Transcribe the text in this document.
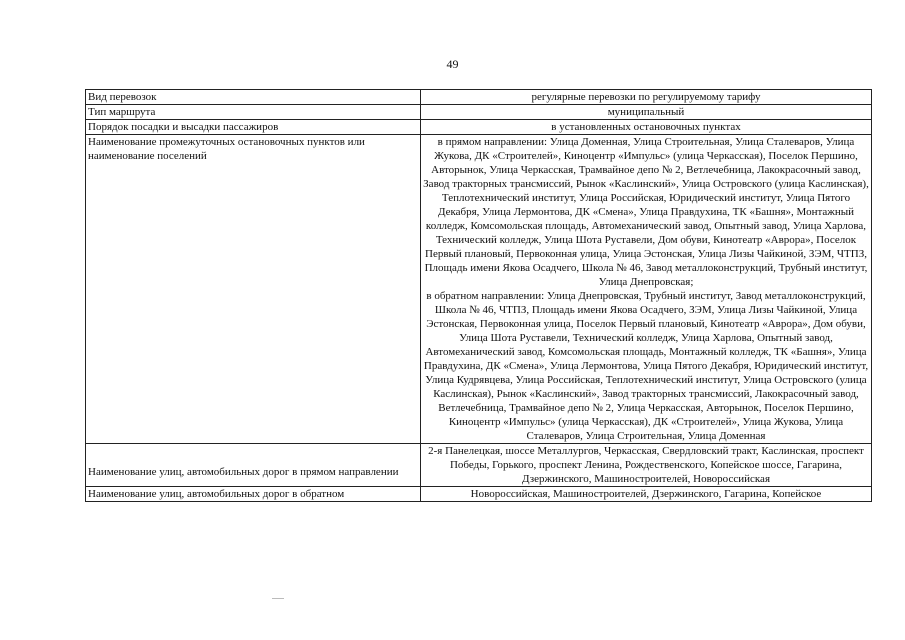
49
Вид перевозок	регулярные перевозки по регулируемому тарифу
Тип маршрута	муниципальный
Порядок посадки и высадки пассажиров	в установленных остановочных пунктах
Наименование промежуточных остановочных пунктов или наименование поселений	в прямом направлении: Улица Доменная, Улица Строительная, Улица Сталеваров, Улица Жукова, ДК «Строителей», Киноцентр «Импульс» (улица Черкасская), Поселок Першино, Авторынок, Улица Черкасская, Трамвайное депо № 2, Ветлечебница, Лакокрасочный завод, Завод тракторных трансмиссий, Рынок «Каслинский», Улица Островского (улица Каслинская), Теплотехнический институт, Улица Российская, Юридический институт, Улица Пятого Декабря, Улица Лермонтова, ДК «Смена», Улица Правдухина, ТК «Башня», Монтажный колледж, Комсомольская площадь, Автомеханический завод, Опытный завод, Улица Харлова, Технический колледж, Улица Шота Руставели, Дом обуви, Кинотеатр «Аврора», Поселок Первый плановый, Первоконная улица, Улица Эстонская, Улица Лизы Чайкиной, ЗЭМ, ЧТПЗ, Площадь имени Якова Осадчего, Школа № 46, Завод металлоконструкций, Трубный институт, Улица Днепровская;
в обратном направлении: Улица Днепровская, Трубный институт, Завод металлоконструкций, Школа № 46, ЧТПЗ, Площадь имени Якова Осадчего, ЗЭМ, Улица Лизы Чайкиной, Улица Эстонская, Первоконная улица, Поселок Первый плановый, Кинотеатр «Аврора», Дом обуви, Улица Шота Руставели, Технический колледж, Улица Харлова, Опытный завод, Автомеханический завод, Комсомольская площадь, Монтажный колледж, ТК «Башня», Улица Правдухина, ДК «Смена», Улица Лермонтова, Улица Пятого Декабря, Юридический институт, Улица Кудрявцева, Улица Российская, Теплотехнический институт, Улица Островского (улица Каслинская), Рынок «Каслинский», Завод тракторных трансмиссий, Лакокрасочный завод, Ветлечебница, Трамвайное депо № 2, Улица Черкасская, Авторынок, Поселок Першино, Киноцентр «Импульс» (улица Черкасская), ДК «Строителей», Улица Жукова, Улица Сталеваров, Улица Строительная, Улица Доменная

Наименование улиц, автомобильных дорог в прямом направлении	2-я Панелецкая, шоссе Металлургов, Черкасская, Свердловский тракт, Каслинская, проспект Победы, Горького, проспект Ленина, Рождественского, Копейское шоссе, Гагарина, Дзержинского, Машиностроителей, Новороссийская
Наименование улиц, автомобильных дорог в обратном	Новороссийская, Машиностроителей, Дзержинского, Гагарина, Копейское
